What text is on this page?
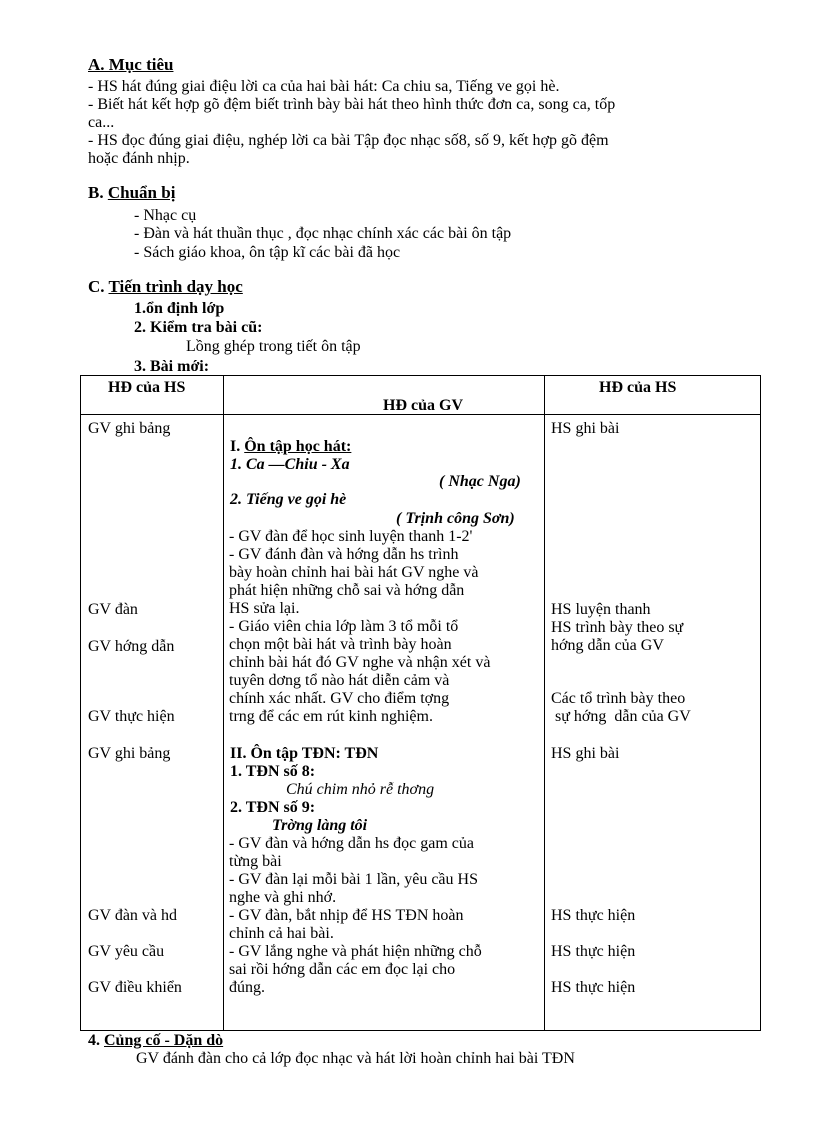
A. Mục tiêu
- HS hát đúng giai điệu lời ca của hai bài hát: Ca chiu sa, Tiếng ve gọi hè.
- Biết hát kết hợp gõ đệm biết trình bày bài hát theo hình thức đơn ca, song ca, tốp
ca...
- HS đọc đúng giai điệu, nghép lời ca bài Tập đọc nhạc số8, số 9, kết hợp gõ đệm
hoặc đánh nhịp.
B. Chuẩn bị
- Nhạc cụ
- Đàn và hát thuần thục , đọc nhạc chính xác các bài ôn tập
- Sách giáo khoa, ôn tập kĩ các bài đã học
C. Tiến trình dạy học
1.ổn định lớp
2. Kiểm tra bài cũ:
Lồng ghép trong tiết ôn tập
3. Bài mới:
HĐ của HS
HĐ của GV
HĐ của HS
GV ghi bảng
GV đàn
GV hớng dẫn
GV thực hiện
GV ghi bảng
GV đàn và hd
GV yêu cầu
GV điều khiển
I. Ôn tập học hát:
1. Ca —Chiu - Xa
( Nhạc Nga)
2. Tiếng ve gọi hè
( Trịnh công Sơn)
- GV đàn để học sinh luyện thanh 1-2'
- GV đánh đàn và hớng dẫn hs trình
bày hoàn chỉnh hai bài hát GV nghe và
phát hiện những chỗ sai và hớng dẫn
HS sửa lại.
- Giáo viên chia lớp làm 3 tổ mỗi tổ
chọn một bài hát và trình bày hoàn
chỉnh bài hát đó GV nghe và nhận xét và
tuyên dơng tổ nào hát diễn cảm và
chính xác nhất. GV cho điểm tợng
trng để các em rút kinh nghiệm.
II. Ôn tập TĐN: TĐN
1. TĐN số 8:
Chú chim nhỏ rễ thơng
2. TĐN số 9:
Trờng làng tôi
- GV đàn và hớng dẫn hs đọc gam của
từng bài
- GV đàn lại mỗi bài 1 lần, yêu cầu HS
nghe và ghi nhớ.
- GV đàn, bắt nhịp để HS TĐN hoàn
chỉnh cả hai bài.
- GV lắng nghe và phát hiện những chỗ
sai rồi hớng dẫn các em đọc lại cho
đúng.
HS ghi bài
HS luyện thanh
HS trình bày theo sự
hớng dẫn của GV
Các tổ trình bày theo
sự hớng  dẫn của GV
HS ghi bài
HS thực hiện
HS thực hiện
HS thực hiện
4. Củng cố - Dặn dò
GV đánh đàn cho cả lớp đọc nhạc và hát lời hoàn chỉnh hai bài TĐN
